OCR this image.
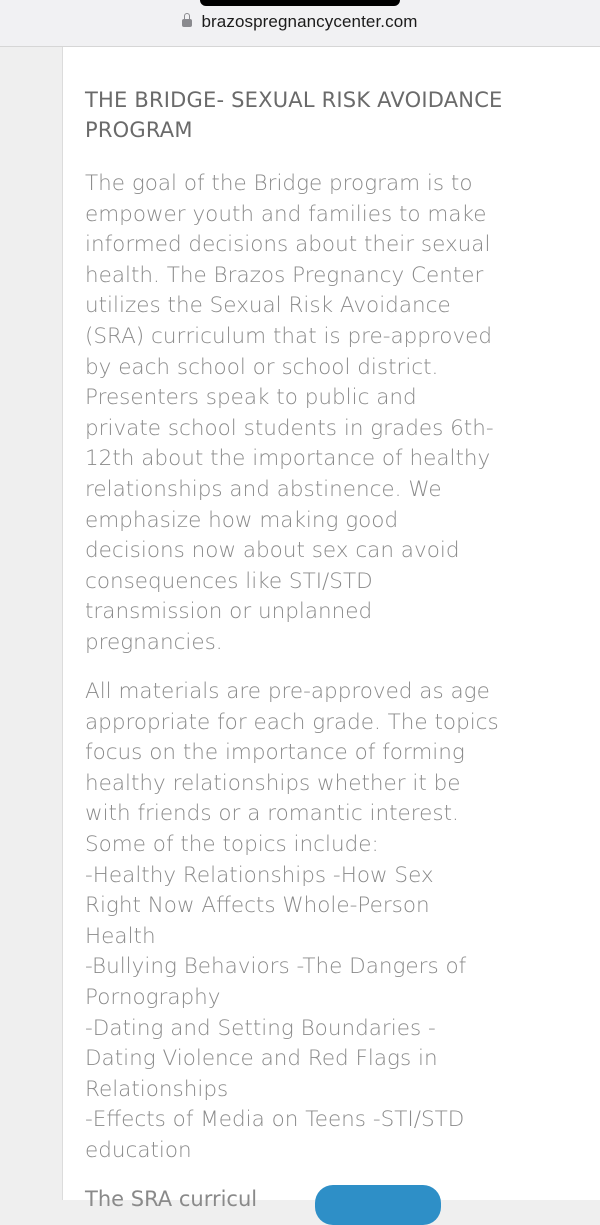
brazospregnancycenter.com
THE BRIDGE- SEXUAL RISK AVOIDANCE PROGRAM

The goal of the Bridge program is to
empower youth and families to make
informed decisions about their sexual
health. The Brazos Pregnancy Center
utilizes the Sexual Risk Avoidance
(SRA) curriculum that is pre-approved
by each school or school district.
Presenters speak to public and
private school students in grades 6th-
12th about the importance of healthy
relationships and abstinence. We
emphasize how making good
decisions now about sex can avoid
consequences like STI/STD
transmission or unplanned
pregnancies.

All materials are pre-approved as age
appropriate for each grade. The topics
focus on the importance of forming
healthy relationships whether it be
with friends or a romantic interest.
Some of the topics include:
-Healthy Relationships -How Sex
Right Now Affects Whole-Person
Health
-Bullying Behaviors -The Dangers of
Pornography
-Dating and Setting Boundaries -
Dating Violence and Red Flags in
Relationships
-Effects of Media on Teens -STI/STD
education

The SRA curricul
